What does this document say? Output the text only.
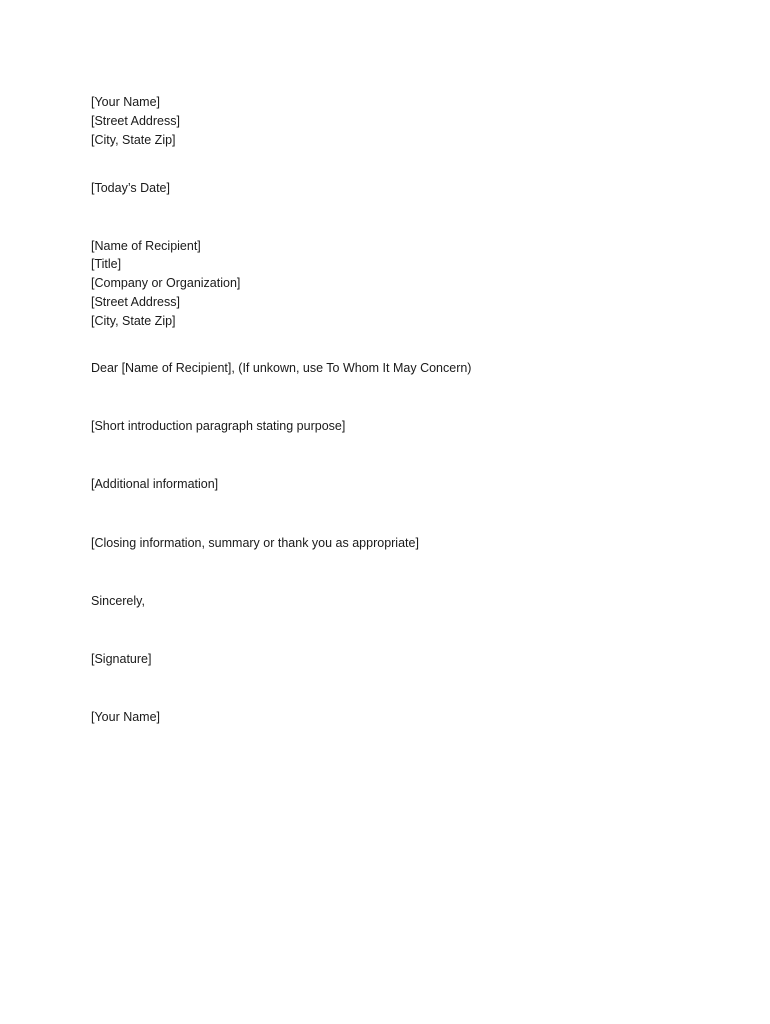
[Your Name]
[Street Address]
[City, State Zip]
[Today’s Date]
[Name of Recipient]
[Title]
[Company or Organization]
[Street Address]
[City, State Zip]
Dear [Name of Recipient], (If unkown, use To Whom It May Concern)
[Short introduction paragraph stating purpose]
[Additional information]
[Closing information, summary or thank you as appropriate]
Sincerely,
[Signature]
[Your Name]
